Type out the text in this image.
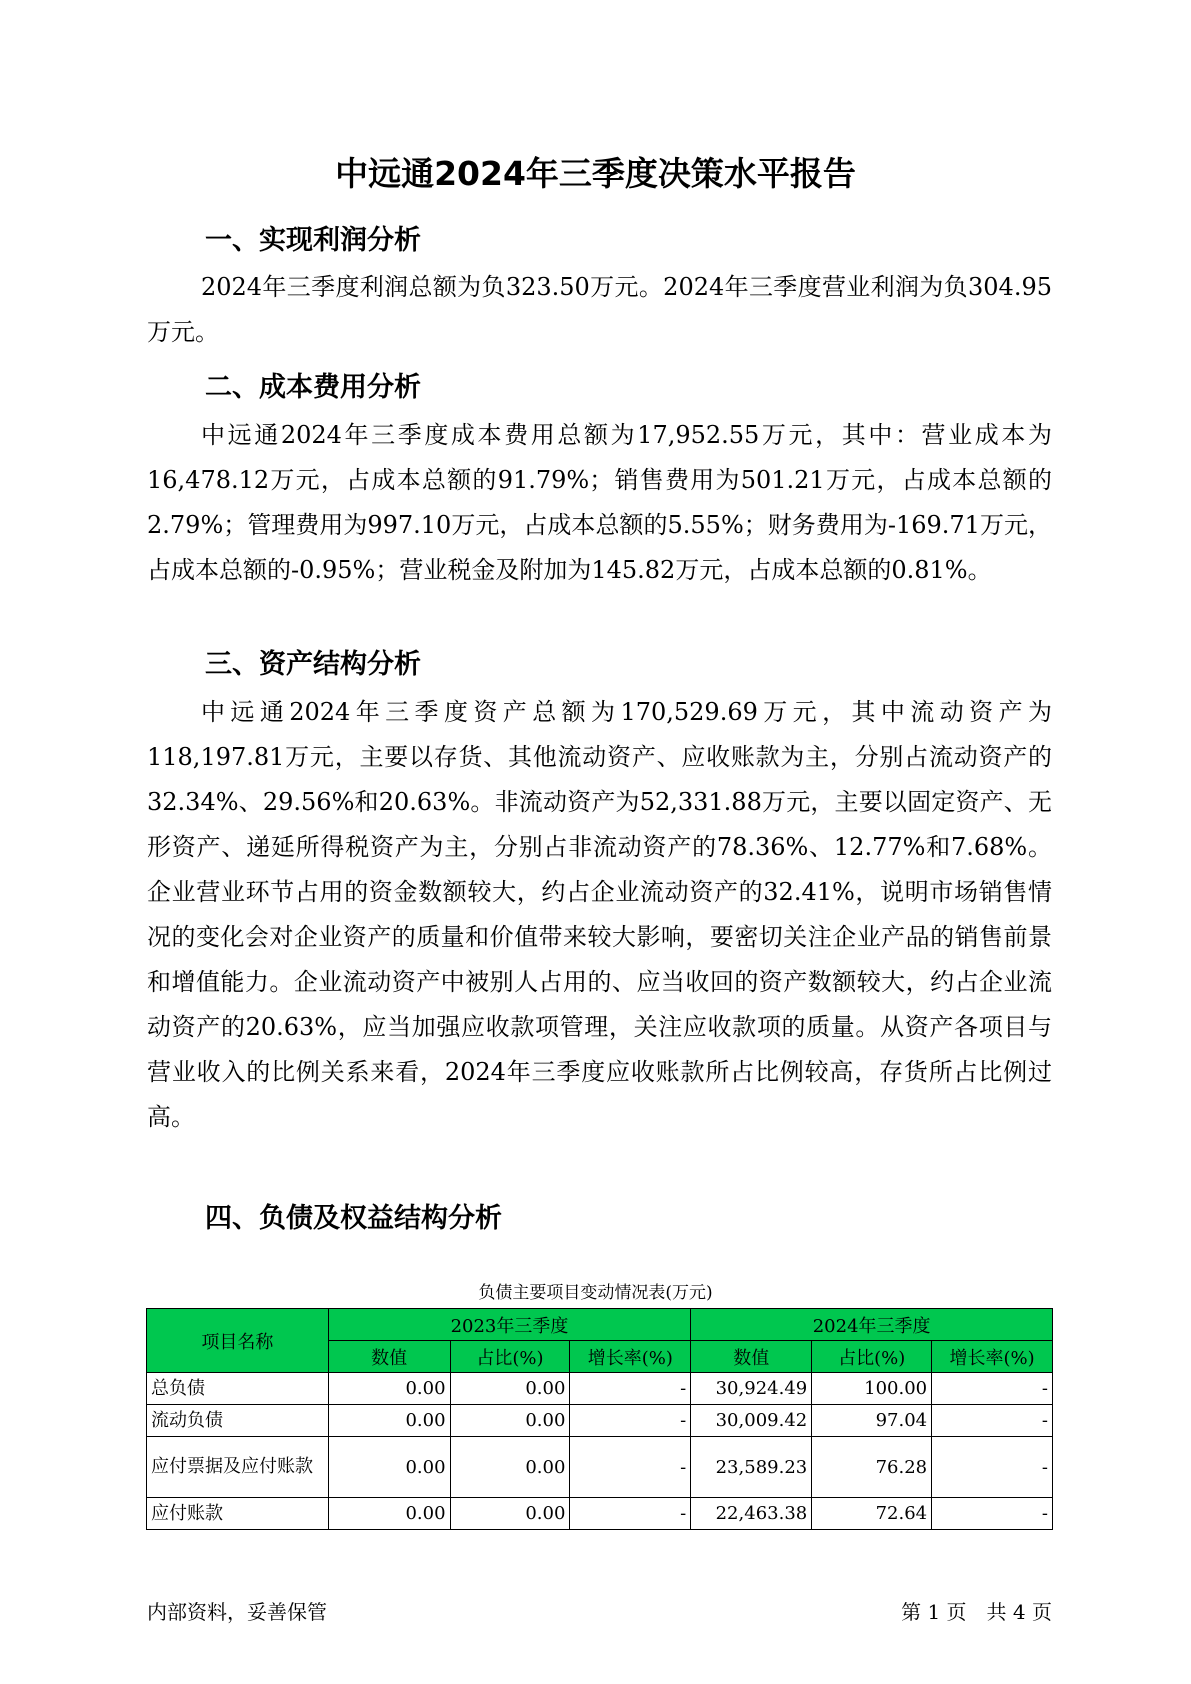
中远通2024年三季度决策水平报告
一、实现利润分析
2024年三季度利润总额为负323.50万元。2024年三季度营业利润为负304.95万元。
二、成本费用分析
中远通2024年三季度成本费用总额为17,952.55万元，其中：营业成本为16,478.12万元，占成本总额的91.79%；销售费用为501.21万元，占成本总额的2.79%；管理费用为997.10万元，占成本总额的5.55%；财务费用为-169.71万元，占成本总额的-0.95%；营业税金及附加为145.82万元，占成本总额的0.81%。
三、资产结构分析
中远通2024年三季度资产总额为170,529.69万元，其中流动资产为118,197.81万元，主要以存货、其他流动资产、应收账款为主，分别占流动资产的32.34%、29.56%和20.63%。非流动资产为52,331.88万元，主要以固定资产、无形资产、递延所得税资产为主，分别占非流动资产的78.36%、12.77%和7.68%。企业营业环节占用的资金数额较大，约占企业流动资产的32.41%，说明市场销售情况的变化会对企业资产的质量和价值带来较大影响，要密切关注企业产品的销售前景和增值能力。企业流动资产中被别人占用的、应当收回的资产数额较大，约占企业流动资产的20.63%，应当加强应收款项管理，关注应收款项的质量。从资产各项目与营业收入的比例关系来看，2024年三季度应收账款所占比例较高，存货所占比例过高。
四、负债及权益结构分析
负债主要项目变动情况表(万元)
项目名称	2023年三季度			2024年三季度		
	数值	占比(%)	增长率(%)	数值	占比(%)	增长率(%)
总负债	0.00	0.00	-	30,924.49	100.00	-
流动负债	0.00	0.00	-	30,009.42	97.04	-
应付票据及应付账款	0.00	0.00	-	23,589.23	76.28	-
应付账款	0.00	0.00	-	22,463.38	72.64	-
内部资料，妥善保管	第 1 页　共 4 页
